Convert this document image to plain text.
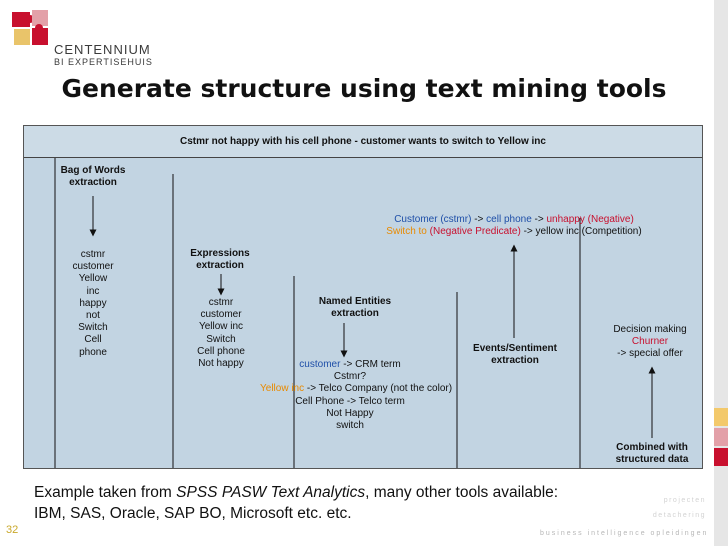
CENTENNIUM
BI EXPERTISEHUIS
projecten
detachering
Generate structure using text mining tools
Cstmr not happy with his cell phone - customer wants to switch to Yellow inc
Bag of Words
extraction
cstmr
customer
Yellow
inc
happy
not
Switch
Cell
phone
Expressions
extraction
cstmr
customer
Yellow inc
Switch
Cell phone
Not happy
Named Entities
extraction
customer -> CRM term
Cstmr?
Yellow inc -> Telco Company (not the color)
Cell Phone -> Telco term
Not Happy
switch
Events/Sentiment
extraction
Customer (cstmr) -> cell phone -> unhappy (Negative)
Switch to (Negative Predicate) -> yellow inc (Competition)
Decision making
Churner
-> special offer
Combined with
structured data
Example taken from SPSS PASW Text Analytics, many other tools available:
IBM, SAS, Oracle, SAP BO, Microsoft etc. etc.
32	business intelligence opleidingen
